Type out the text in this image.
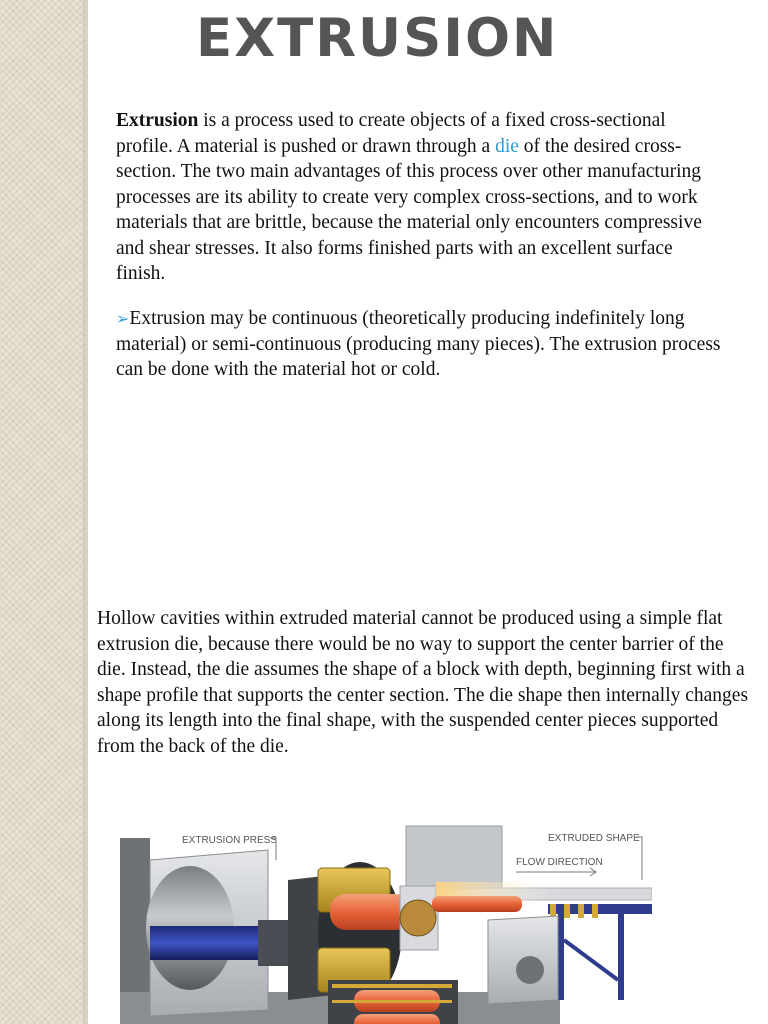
EXTRUSION

Extrusion is a process used to create objects of a fixed cross-sectional profile. A material is pushed or drawn through a die of the desired cross-section. The two main advantages of this process over other manufacturing processes are its ability to create very complex cross-sections, and to work materials that are brittle, because the material only encounters compressive and shear stresses. It also forms finished parts with an excellent surface finish.

➢Extrusion may be continuous (theoretically producing indefinitely long material) or semi-continuous (producing many pieces). The extrusion process can be done with the material hot or cold.

Hollow cavities within extruded material cannot be produced using a simple flat extrusion die, because there would be no way to support the center barrier of the die. Instead, the die assumes the shape of a block with depth, beginning first with a shape profile that supports the center section. The die shape then internally changes along its length into the final shape, with the suspended center pieces supported from the back of the die.

EXTRUSION PRESS	EXTRUDED SHAPE
FLOW DIRECTION
